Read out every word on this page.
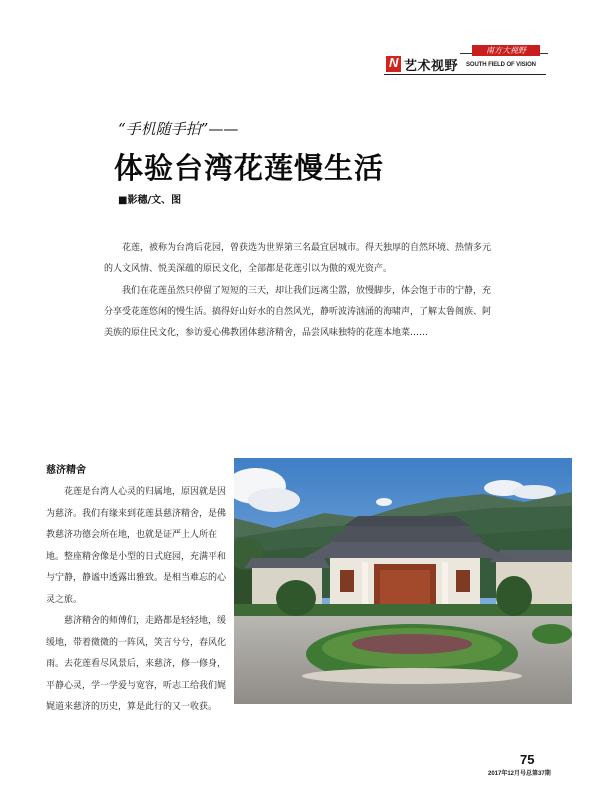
N 艺术视野
南方大视野
SOUTH FIELD OF VISION
“手机随手拍”——
体验台湾花莲慢生活
■影穗/文、图

花莲，被称为台湾后花园，曾获选为世界第三名最宜居城市。得天独厚的自然环境、热情多元的人文风情、悦美深蕴的原民文化，全部都是花莲引以为傲的观光资产。

我们在花莲虽然只停留了短短的三天，却让我们远离尘嚣，放慢脚步，体会饱于市的宁静，充分享受花莲悠闲的慢生活。搞得好山好水的自然风光，静听波涛汹涌的海啸声，了解太鲁阁族、阿美族的原住民文化，参访爱心佛教团体慈济精舍，品尝风味独特的花莲本地菜……

慈济精舍

花莲是台湾人心灵的归属地，原因就是因为慈济。我们有缘来到花莲县慈济精舍，是佛教慈济功德会所在地，也就是证严上人所在地。整座精舍像是小型的日式庭园，充满平和与宁静，静谧中透露出雅致。是相当难忘的心灵之旅。

慈济精舍的师傅们，走路都是轻轻地，缓缓地，带着微微的一阵风，笑言兮兮，春风化雨。去花莲看尽风景后，来慈济，修一修身，平静心灵，学一学爱与宽容，听志工给我们娓娓道来慈济的历史，算是此行的又一收获。

75
2017年12月号总第37期
